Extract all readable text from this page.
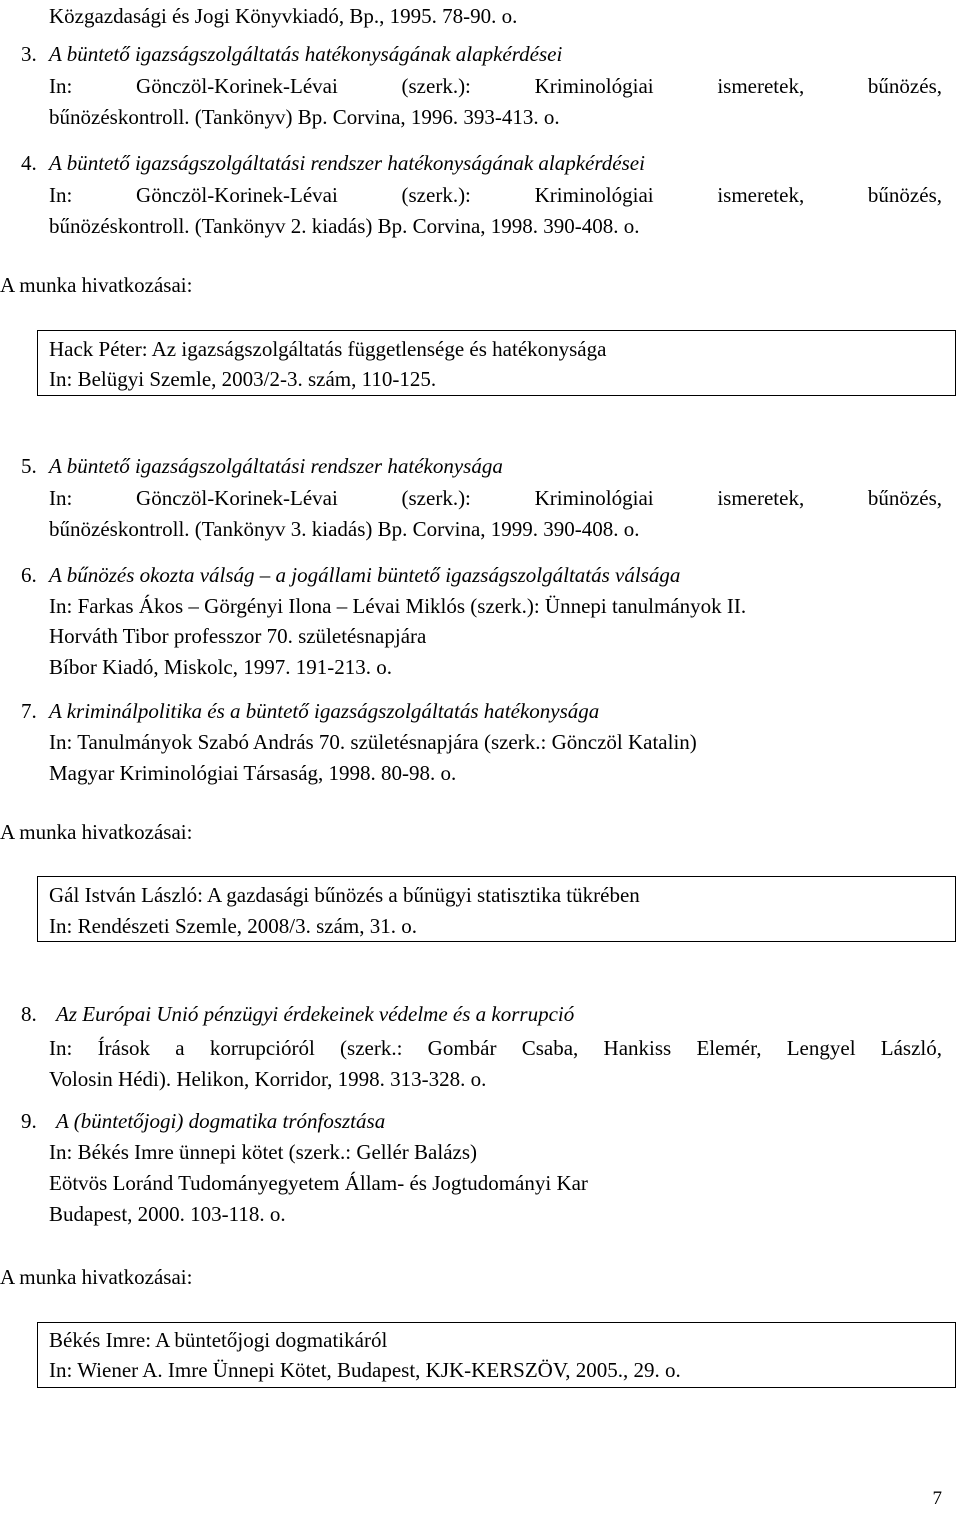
Közgazdasági és Jogi Könyvkiadó, Bp., 1995. 78-90. o.
3. A büntető igazságszolgáltatás hatékonyságának alapkérdései
In: Gönczöl-Korinek-Lévai (szerk.): Kriminológiai ismeretek, bűnözés,
bűnözéskontroll. (Tankönyv) Bp. Corvina, 1996. 393-413. o.
4. A büntető igazságszolgáltatási rendszer hatékonyságának alapkérdései
In: Gönczöl-Korinek-Lévai (szerk.): Kriminológiai ismeretek, bűnözés,
bűnözéskontroll. (Tankönyv 2. kiadás) Bp. Corvina, 1998. 390-408. o.
A munka hivatkozásai:
Hack Péter: Az igazságszolgáltatás függetlensége és hatékonysága
In: Belügyi Szemle, 2003/2-3. szám, 110-125.
5. A büntető igazságszolgáltatási rendszer hatékonysága
In: Gönczöl-Korinek-Lévai (szerk.): Kriminológiai ismeretek, bűnözés,
bűnözéskontroll. (Tankönyv 3. kiadás) Bp. Corvina, 1999. 390-408. o.
6. A bűnözés okozta válság – a jogállami büntető igazságszolgáltatás válsága
In: Farkas Ákos – Görgényi Ilona – Lévai Miklós (szerk.): Ünnepi tanulmányok II.
Horváth Tibor professzor 70. születésnapjára
Bíbor Kiadó, Miskolc, 1997. 191-213. o.
7. A kriminálpolitika és a büntető igazságszolgáltatás hatékonysága
In: Tanulmányok Szabó András 70. születésnapjára (szerk.: Gönczöl Katalin)
Magyar Kriminológiai Társaság, 1998. 80-98. o.
A munka hivatkozásai:
Gál István László: A gazdasági bűnözés a bűnügyi statisztika tükrében
In: Rendészeti Szemle, 2008/3. szám, 31. o.
8. Az Európai Unió pénzügyi érdekeinek védelme és a korrupció
In: Írások a korrupcióról (szerk.: Gombár Csaba, Hankiss Elemér, Lengyel László,
Volosin Hédi). Helikon, Korridor, 1998. 313-328. o.
9. A (büntetőjogi) dogmatika trónfosztása
In: Békés Imre ünnepi kötet (szerk.: Gellér Balázs)
Eötvös Loránd Tudományegyetem Állam- és Jogtudományi Kar
Budapest, 2000. 103-118. o.
A munka hivatkozásai:
Békés Imre: A büntetőjogi dogmatikáról
In: Wiener A. Imre Ünnepi Kötet, Budapest, KJK-KERSZÖV, 2005., 29. o.
7
